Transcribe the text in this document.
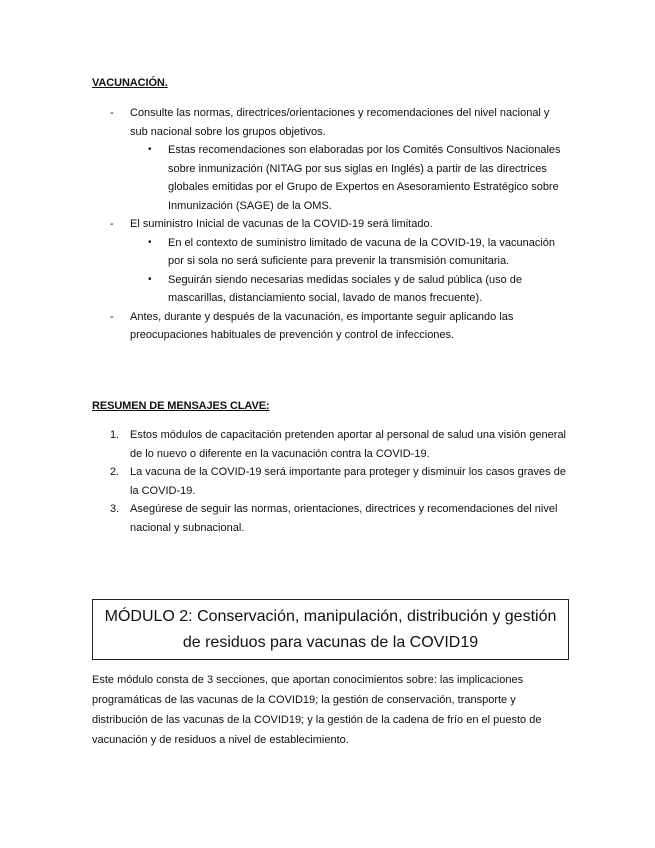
VACUNACIÓN.
- Consulte las normas, directrices/orientaciones y recomendaciones del nivel nacional y sub nacional sobre los grupos objetivos.
• Estas recomendaciones son elaboradas por los Comités Consultivos Nacionales sobre inmunización (NITAG por sus siglas en Inglés) a partir de las directrices globales emitidas por el Grupo de Expertos en Asesoramiento Estratégico sobre Inmunización (SAGE) de la OMS.
- El suministro Inicial de vacunas de la COVID-19 será limitado.
• En el contexto de suministro limitado de vacuna de la COVID-19, la vacunación por si sola no será suficiente para prevenir la transmisión comunitaria.
• Seguirán siendo necesarias medidas sociales y de salud pública (uso de mascarillas, distanciamiento social, lavado de manos frecuente).
- Antes, durante y después de la vacunación, es importante seguir aplicando las preocupaciones habituales de prevención y control de infecciones.
RESUMEN DE MENSAJES CLAVE:
1. Estos módulos de capacitación pretenden aportar al personal de salud una visión general de lo nuevo o diferente en la vacunación contra la COVID-19.
2. La vacuna de la COVID-19 será importante para proteger y disminuir los casos graves de la COVID-19.
3. Asegúrese de seguir las normas, orientaciones, directrices y recomendaciones del nivel nacional y subnacional.
MÓDULO 2: Conservación, manipulación, distribución y gestión de residuos para vacunas de la COVID19

Este módulo consta de 3 secciones, que aportan conocimientos sobre: las implicaciones programáticas de las vacunas de la COVID19; la gestión de conservación, transporte y distribución de las vacunas de la COVID19; y la gestión de la cadena de frío en el puesto de vacunación y de residuos a nivel de establecimiento.
